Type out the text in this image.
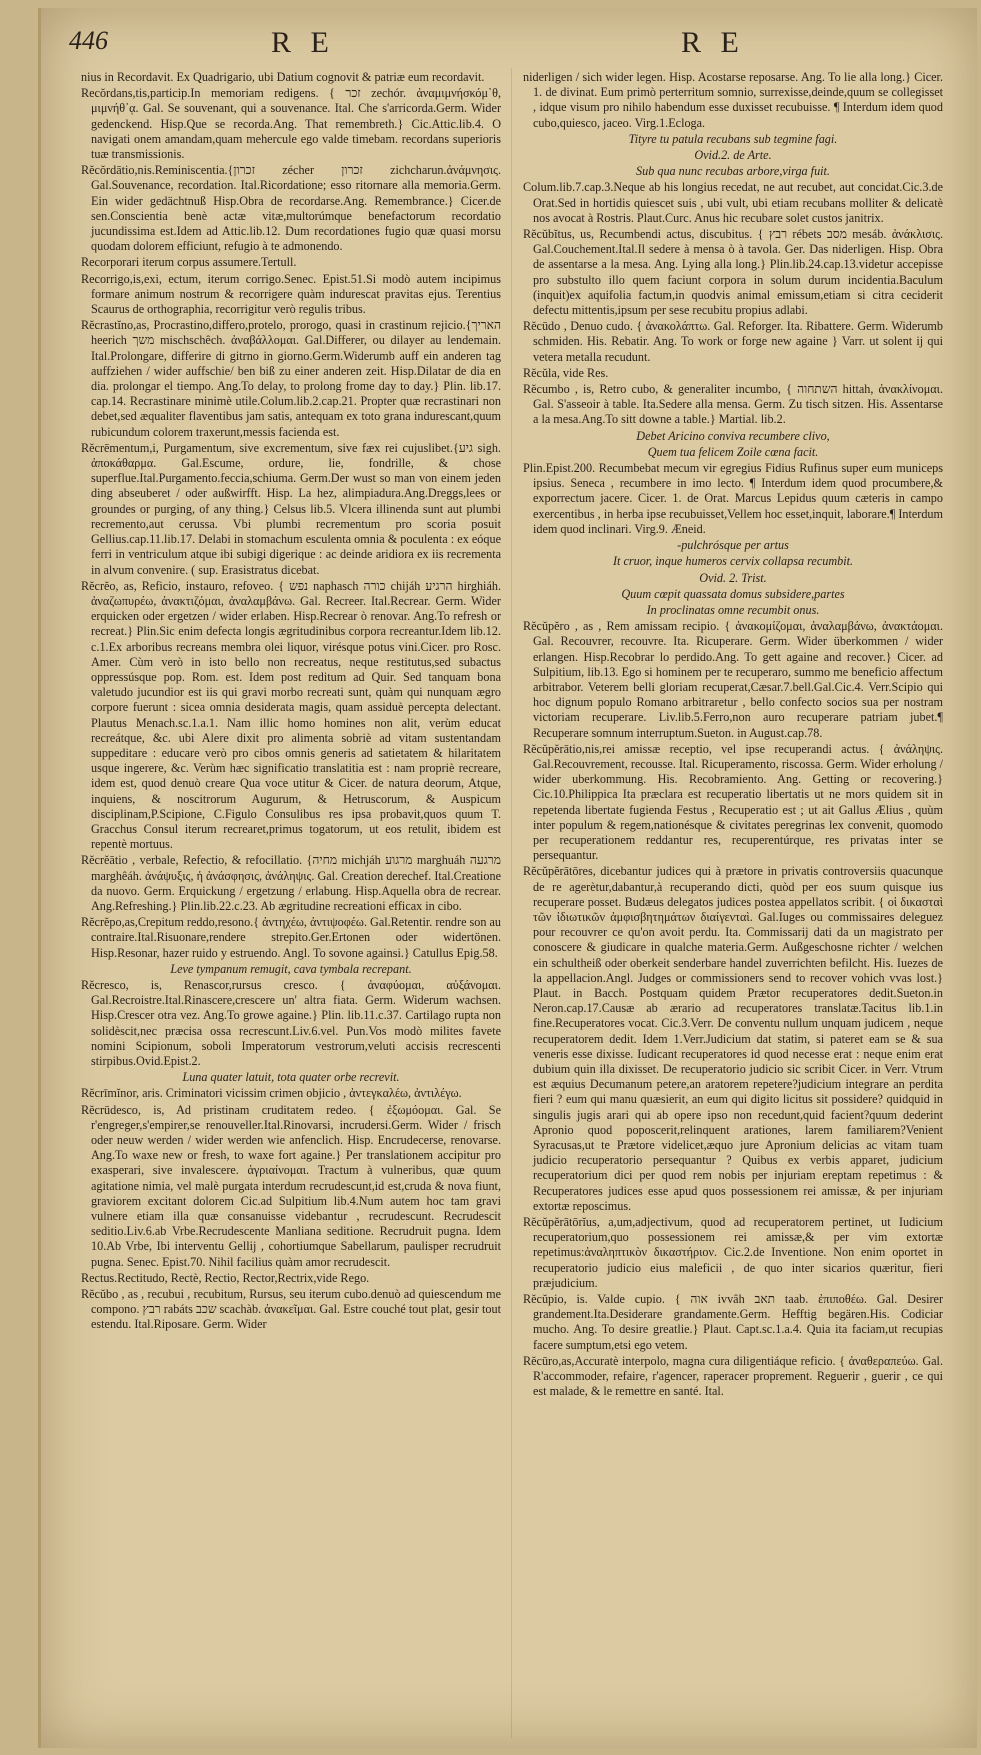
446	R E	R E

nius in Recordavit. Ex Quadrigario, ubi Datium cognovit & patriæ eum recordavit.

Recŏrdans,tis,particip.In memoriam redigens. { זכר zechór. ἀναμιμνήσκόμ᾽θ, μιμνήθ᾽ᾳ. Gal. Se souvenant, qui a souvenance. Ital. Che s'arricorda.Germ. Wider gedenckend. Hisp.Que se recorda.Ang. That remembreth.} Cic.Attic.lib.4. O navigati onem amandam,quam mehercule ego valde timebam. recordans superioris tuæ transmissionis.

Rĕcŏrdātio,nis.Reminiscentia.{זכרון zécher זכרון zichcharun.ἀνάμνησις. Gal.Souvenance, recordation. Ital.Ricordatione; esso ritornare alla memoria.Germ. Ein wider gedächtnuß Hisp.Obra de recordarse.Ang. Remembrance.} Cicer.de sen.Conscientia benè actæ vitæ,multorúmque benefactorum recordatio jucundissima est.Idem ad Attic.lib.12. Dum recordationes fugio quæ quasi morsu quodam dolorem efficiunt, refugio à te admonendo.

Recorporari iterum corpus assumere.Tertull.

Recorrigo,is,exi, ectum, iterum corrigo.Senec. Epist.51.Si modò autem incipimus formare animum nostrum & recorrigere quàm indurescat pravitas ejus. Terentius Scaurus de orthographia, recorrigitur verò regulis tribus.

Rĕcrastĭno,as, Procrastino,differo,protelo, prorogo, quasi in crastinum rejicio.{האריך heerich משך mischschêch. ἀναβάλλομαι. Gal.Differer, ou dilayer au lendemain. Ital.Prolongare, differire di gitrno in giorno.Germ.Widerumb auff ein anderen tag auffziehen / wider auffschie/ ben biß zu einer anderen zeit. Hisp.Dilatar de dia en dia. prolongar el tiempo. Ang.To delay, to prolong frome day to day.} Plin. lib.17. cap.14. Recrastinare minimè utile.Colum.lib.2.cap.21. Propter quæ recrastinari non debet,sed æqualiter flaventibus jam satis, antequam ex toto grana indurescant,quum rubicundum colorem traxerunt,messis facienda est.

Rĕcrēmentum,i, Purgamentum, sive excrementum, sive fæx rei cujuslibet.{גיע sigh. ἀποκάθαρμα. Gal.Escume, ordure, lie, fondrille, & chose superflue.Ital.Purgamento.feccia,schiuma. Germ.Der wust so man von einem jeden ding abseuberet / oder außwirfft. Hisp. La hez, alimpiadura.Ang.Dreggs,lees or groundes or purging, of any thing.} Celsus lib.5. Vlcera illinenda sunt aut plumbi recremento,aut cerussa. Vbi plumbi recrementum pro scoria posuit Gellius.cap.11.lib.17. Delabi in stomachum esculenta omnia & poculenta : ex eóque ferri in ventriculum atque ibi subigi digerique : ac deinde aridiora ex iis recrementa in alvum convenire. ( sup. Erasistratus dicebat.

Rĕcrĕo, as, Reficio, instauro, refoveo. { נפש naphasch כורה chijáh הרגיע hirghiáh. ἀναζωπυρέω, ἀνακτιζόμαι, ἀναλαμβάνω. Gal. Recreer. Ital.Recrear. Germ. Wider erquicken oder ergetzen / wider erlaben. Hisp.Recrear ò renovar. Ang.To refresh or recreat.} Plin.Sic enim defecta longis ægritudinibus corpora recreantur.Idem lib.12. c.1.Ex arboribus recreans membra olei liquor, virésque potus vini.Cicer. pro Rosc. Amer. Cùm verò in isto bello non recreatus, neque restitutus,sed subactus oppressúsque pop. Rom. est. Idem post reditum ad Quir. Sed tanquam bona valetudo jucundior est iis qui gravi morbo recreati sunt, quàm qui nunquam ægro corpore fuerunt : sicea omnia desiderata magis, quam assiduè percepta delectant. Plautus Menach.sc.1.a.1. Nam illic homo homines non alit, verùm educat recreátque, &c. ubi Alere dixit pro alimenta sobriè ad vitam sustentandam suppeditare : educare verò pro cibos omnis generis ad satietatem & hilaritatem usque ingerere, &c. Verùm hæc significatio translatitia est : nam propriè recreare, idem est, quod denuò creare Qua voce utitur & Cicer. de natura deorum, Atque, inquiens, & noscitrorum Augurum, & Hetruscorum, & Auspicum disciplinam,P.Scipione, C.Figulo Consulibus res ipsa probavit,quos quum T. Gracchus Consul iterum recrearet,primus togatorum, ut eos retulit, ibidem est repentè mortuus.

Rĕcrĕātio , verbale, Refectio, & refocillatio. {מחיה michjáh מרגוע marghuáh מרגעה marghêáh. ἀνάψυξις, ἡ ἀνάσφησις, ἀνάληψις. Gal. Creation derechef. Ital.Creatione da nuovo. Germ. Erquickung / ergetzung / erlabung. Hisp.Aquella obra de recrear. Ang.Refreshing.} Plin.lib.22.c.23. Ab ægritudine recreationi efficax in cibo.

Rĕcrĕpo,as,Crepitum reddo,resono.{ ἀντηχέω, ἀντιψοφέω. Gal.Retentir. rendre son au contraire.Ital.Risuonare,rendere strepito.Ger.Ertonen oder widertönen. Hisp.Resonar, hazer ruido y estruendo. Angl. To sovone againsi.} Catullus Epig.58.

Leve tympanum remugit, cava tymbala recrepant.

Rĕcresco, is, Renascor,rursus cresco. { ἀναφύομαι, αὐξάνομαι. Gal.Recroistre.Ital.Rinascere,crescere un' altra fiata. Germ. Widerum wachsen. Hisp.Crescer otra vez. Ang.To growe againe.} Plin. lib.11.c.37. Cartilago rupta non solidèscit,nec præcisa ossa recrescunt.Liv.6.vel. Pun.Vos modò milites favete nomini Scipionum, soboli Imperatorum vestrorum,veluti accisis recrescenti stirpibus.Ovid.Epist.2.

Luna quater latuit, tota quater orbe recrevit.

Rĕcrīmĭnor, aris. Criminatori vicissim crimen objicio , ἀντεγκαλέω, ἀντιλέγω.

Rĕcrūdesco, is, Ad pristinam cruditatem redeo. { ἐξωμόομαι. Gal. Se r'engreger,s'empirer,se renouveller.Ital.Rinovarsi, incrudersi.Germ. Wider / frisch oder neuw werden / wider werden wie anfenclich. Hisp. Encrudecerse, renovarse. Ang.To waxe new or fresh, to waxe fort againe.} Per translationem accipitur pro exasperari, sive invalescere. ἀγριαίνομαι. Tractum à vulneribus, quæ quum agitatione nimia, vel malè purgata interdum recrudescunt,id est,cruda & nova fiunt, graviorem excitant dolorem Cic.ad Sulpitium lib.4.Num autem hoc tam gravi vulnere etiam illa quæ consanuisse videbantur , recrudescunt. Recrudescit seditio.Liv.6.ab Vrbe.Recrudescente Manliana seditione. Recrudruit pugna. Idem 10.Ab Vrbe, Ibi interventu Gellij , cohortiumque Sabellarum, paulisper recrudruit pugna. Senec. Epist.70. Nihil facilius quàm amor recrudescit.

Rectus.Rectitudo, Rectè, Rectio, Rector,Rectrix,vide Rego.

Rĕcŭbo , as , recubui , recubitum, Rursus, seu iterum cubo.denuò ad quiescendum me compono. רבץ rabáts שכב scachàb. ἀνακεῖμαι. Gal. Estre couché tout plat, gesir tout estendu. Ital.Riposare. Germ. Wider

niderligen / sich wider legen. Hisp. Acostarse reposarse. Ang. To lie alla long.} Cicer. 1. de divinat. Eum primò perterritum somnio, surrexisse,deinde,quum se collegisset , idque visum pro nihilo habendum esse duxisset recubuisse. ¶ Interdum idem quod cubo,quiesco, jaceo. Virg.1.Ecloga.

Tityre tu patula recubans sub tegmine fagi.

Ovid.2. de Arte.

Sub qua nunc recubas arbore,virga fuit.

Colum.lib.7.cap.3.Neque ab his longius recedat, ne aut recubet, aut concidat.Cic.3.de Orat.Sed in hortidis quiescet suis , ubi vult, ubi etiam recubans molliter & delicatè nos avocat à Rostris. Plaut.Curc. Anus hic recubare solet custos janitrix.

Rĕcŭbĭtus, us, Recumbendi actus, discubitus. { רבץ rébets מסב mesáb. ἀνάκλισις. Gal.Couchement.Ital.Il sedere à mensa ò à tavola. Ger. Das niderligen. Hisp. Obra de assentarse a la mesa. Ang. Lying alla long.} Plin.lib.24.cap.13.videtur accepisse pro substulto illo quem faciunt corpora in solum durum incidentia.Baculum (inquit)ex aquifolia factum,in quodvis animal emissum,etiam si citra ceciderit defectu mittentis,ipsum per sese recubitu propius adlabi.

Rĕcūdo , Denuo cudo. { ἀνακολάπτω. Gal. Reforger. Ita. Ribattere. Germ. Widerumb schmiden. His. Rebatir. Ang. To work or forge new againe } Varr. ut solent ij qui vetera metalla recudunt.

Rĕcŭla, vide Res.

Rĕcumbo , is, Retro cubo, & generaliter incumbo, { השתחוה hittah, ἀνακλίνομαι. Gal. S'asseoir à table. Ita.Sedere alla mensa. Germ. Zu tisch sitzen. His. Assentarse a la mesa.Ang.To sitt downe a table.} Martial. lib.2.

Debet Aricino conviva recumbere clivo,

Quem tua felicem Zoile cœna facit.

Plin.Epist.200. Recumbebat mecum vir egregius Fidius Rufinus super eum municeps ipsius. Seneca , recumbere in imo lecto. ¶ Interdum idem quod procumbere,& exporrectum jacere. Cicer. 1. de Orat. Marcus Lepidus quum cæteris in campo exercentibus , in herba ipse recubuisset,Vellem hoc esset,inquit, laborare.¶ Interdum idem quod inclinari. Virg.9. Æneid.

-pulchrósque per artus

It cruor, inque humeros cervix collapsa recumbit.

Ovid. 2. Trist.

Quum cœpit quassata domus subsidere,partes

In proclinatas omne recumbit onus.

Rĕcŭpĕro , as , Rem amissam recipio. { ἀνακομίζομαι, ἀναλαμβάνω, ἀνακτάομαι. Gal. Recouvrer, recouvre. Ita. Ricuperare. Germ. Wider überkommen / wider erlangen. Hisp.Recobrar lo perdido.Ang. To gett againe and recover.} Cicer. ad Sulpitium, lib.13. Ego si hominem per te recuperaro, summo me beneficio affectum arbitrabor. Veterem belli gloriam recuperat,Cæsar.7.bell.Gal.Cic.4. Verr.Scipio qui hoc dignum populo Romano arbitraretur , bello confecto socios sua per nostram victoriam recuperare. Liv.lib.5.Ferro,non auro recuperare patriam jubet.¶ Recuperare somnum interruptum.Sueton. in August.cap.78.

Rĕcŭpĕrātio,nis,rei amissæ receptio, vel ipse recuperandi actus. { ἀνάληψις. Gal.Recouvrement, recousse. Ital. Ricuperamento, riscossa. Germ. Wider erholung / wider uberkommung. His. Recobramiento. Ang. Getting or recovering.} Cic.10.Philippica Ita præclara est recuperatio libertatis ut ne mors quidem sit in repetenda libertate fugienda Festus , Recuperatio est ; ut ait Gallus Ælius , quùm inter populum & regem,nationésque & civitates peregrinas lex convenit, quomodo per recuperationem reddantur res, recuperentúrque, res privatas inter se persequantur.

Rĕcŭpĕrātōres, dicebantur judices qui à prætore in privatis controversiis quacunque de re agerètur,dabantur,à recuperando dicti, quòd per eos suum quisque ius recuperare posset. Budæus delegatos judices postea appellatos scribit. { οἱ δικασταὶ τῶν ἰδιωτικῶν ἀμφισβητημάτων διαίγενταὶ. Gal.Iuges ou commissaires deleguez pour recouvrer ce qu'on avoit perdu. Ita. Commissarij dati da un magistrato per conoscere & giudicare in qualche materia.Germ. Außgeschosne richter / welchen ein schultheiß oder oberkeit senderbare handel zuverrichten befilcht. His. Iuezes de la appellacion.Angl. Judges or commissioners send to recover vohich vvas lost.} Plaut. in Bacch. Postquam quidem Prætor recuperatores dedit.Sueton.in Neron.cap.17.Causæ ab ærario ad recuperatores translatæ.Tacitus lib.1.in fine.Recuperatores vocat. Cic.3.Verr. De conventu nullum unquam judicem , neque recuperatorem dedit. Idem 1.Verr.Judicium dat statim, si pateret eam se & sua veneris esse dixisse. Iudicant recuperatores id quod necesse erat : neque enim erat dubium quin illa dixisset. De recuperatorio judicio sic scribit Cicer. in Verr. Vtrum est æquius Decumanum petere,an aratorem repetere?judicium integrare an perdita fieri ? eum qui manu quæsierit, an eum qui digito licitus sit possidere? quidquid in singulis jugis arari qui ab opere ipso non recedunt,quid facient?quum dederint Apronio quod poposcerit,relinquent arationes, larem familiarem?Venient Syracusas,ut te Prætore videlicet,æquo jure Apronium delicias ac vitam tuam judicio recuperatorio persequantur ? Quibus ex verbis apparet, judicium recuperatorium dici per quod rem nobis per injuriam ereptam repetimus : & Recuperatores judices esse apud quos possessionem rei amissæ, & per injuriam extortæ reposcimus.

Rĕcŭpĕrātōrĭus, a,um,adjectivum, quod ad recuperatorem pertinet, ut Iudicium recuperatorium,quo possessionem rei amissæ,& per vim extortæ repetimus:ἀναληπτικὸν δικαστήριον. Cic.2.de Inventione. Non enim oportet in recuperatorio judicio eius maleficii , de quo inter sicarios quæritur, fieri præjudicium.

Rĕcŭpio, is. Valde cupio. { אוה ivvâh תאב taab. ἐπιποθέω. Gal. Desirer grandement.Ita.Desiderare grandamente.Germ. Hefftig begären.His. Codiciar mucho. Ang. To desire greatlie.} Plaut. Capt.sc.1.a.4. Quia ita faciam,ut recupias facere sumptum,etsi ego vetem.

Rĕcūro,as,Accuratè interpolo, magna cura diligentiáque reficio. { ἀναθεραπεύω. Gal. R'accommoder, refaire, r'agencer, raperacer proprement. Reguerir , guerir , ce qui est malade, & le remettre en santé. Ital.
